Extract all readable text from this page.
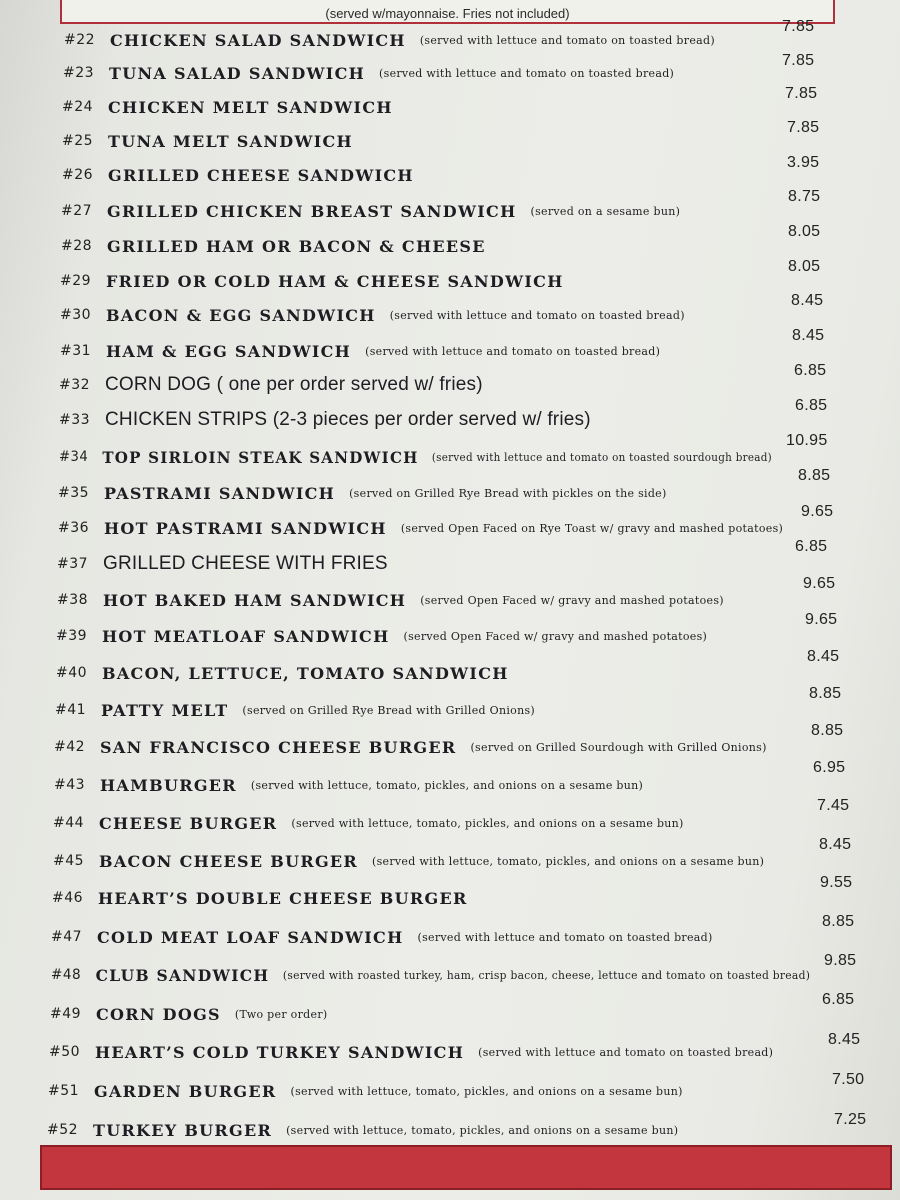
(served w/mayonnaise. Fries not included)
#22 CHICKEN SALAD SANDWICH (served with lettuce and tomato on toasted bread)
7.85
#23 TUNA SALAD SANDWICH (served with lettuce and tomato on toasted bread)
7.85
#24 CHICKEN MELT SANDWICH
7.85
#25 TUNA MELT SANDWICH
7.85
#26 GRILLED CHEESE SANDWICH
3.95
#27 GRILLED CHICKEN BREAST SANDWICH (served on a sesame bun)
8.75
#28 GRILLED HAM OR BACON & CHEESE
8.05
#29 FRIED OR COLD HAM & CHEESE SANDWICH
8.05
#30 BACON & EGG SANDWICH (served with lettuce and tomato on toasted bread)
8.45
#31 HAM & EGG SANDWICH (served with lettuce and tomato on toasted bread)
8.45
#32 CORN DOG ( one per order served w/ fries)
6.85
#33 CHICKEN STRIPS (2-3 pieces per order served w/ fries)
6.85
#34 TOP SIRLOIN STEAK SANDWICH (served with lettuce and tomato on toasted sourdough bread)
10.95
#35 PASTRAMI SANDWICH (served on Grilled Rye Bread with pickles on the side)
8.85
#36 HOT PASTRAMI SANDWICH (served Open Faced on Rye Toast w/ gravy and mashed potatoes)
9.65
#37 GRILLED CHEESE WITH FRIES
6.85
#38 HOT BAKED HAM SANDWICH (served Open Faced w/ gravy and mashed potatoes)
9.65
#39 HOT MEATLOAF SANDWICH (served Open Faced w/ gravy and mashed potatoes)
9.65
#40 BACON, LETTUCE, TOMATO SANDWICH
8.45
#41 PATTY MELT (served on Grilled Rye Bread with Grilled Onions)
8.85
#42 SAN FRANCISCO CHEESE BURGER (served on Grilled Sourdough with Grilled Onions)
8.85
#43 HAMBURGER (served with lettuce, tomato, pickles, and onions on a sesame bun)
6.95
#44 CHEESE BURGER (served with lettuce, tomato, pickles, and onions on a sesame bun)
7.45
#45 BACON CHEESE BURGER (served with lettuce, tomato, pickles, and onions on a sesame bun)
8.45
#46 HEART’S DOUBLE CHEESE BURGER
9.55
#47 COLD MEAT LOAF SANDWICH (served with lettuce and tomato on toasted bread)
8.85
#48 CLUB SANDWICH (served with roasted turkey, ham, crisp bacon, cheese, lettuce and tomato on toasted bread)
9.85
#49 CORN DOGS (Two per order)
6.85
#50 HEART’S COLD TURKEY SANDWICH (served with lettuce and tomato on toasted bread)
8.45
#51 GARDEN BURGER (served with lettuce, tomato, pickles, and onions on a sesame bun)
7.50
#52 TURKEY BURGER (served with lettuce, tomato, pickles, and onions on a sesame bun)
7.25
